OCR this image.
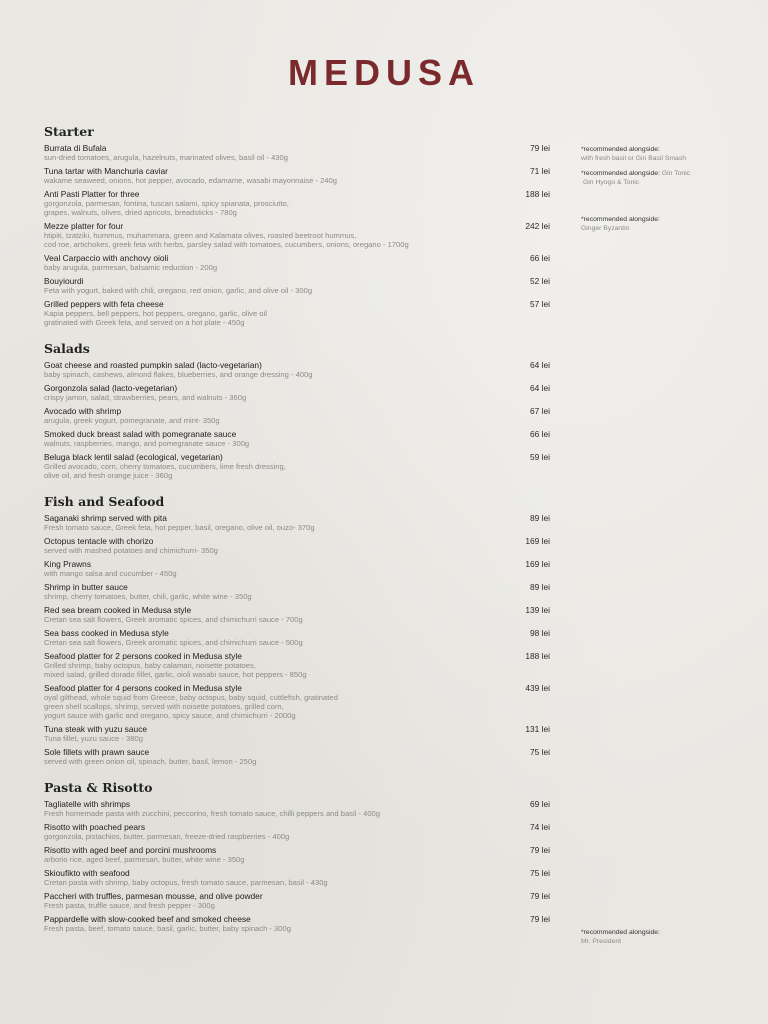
MEDUSA
Starter
Burrata di Bufala	79 lei
sun-dried tomatoes, arugula, hazelnuts, marinated olives, basil oil - 430g
Tuna tartar with Manchuria caviar	71 lei
wakame seaweed, onions, hot pepper, avocado, edamame, wasabi mayonnaise - 240g
Anti Pasti Platter for three	188 lei
gorgonzola, parmesan, fontina, tuscan salami, spicy spianata, prosciutto,
grapes, walnuts, olives, dried apricots, breadsticks - 780g
Mezze platter for four	242 lei
htipiti, tzatziki, hummus, muhammara, green and Kalamata olives, roasted beetroot hummus,
cod roe, artichokes, greek feta with herbs, parsley salad with tomatoes, cucumbers, onions, oregano - 1700g
Veal Carpaccio with anchovy oioli	66 lei
baby arugula, parmesan, balsamic reduction - 200g
Bouyiourdi	52 lei
Feta with yogurt, baked with chili, oregano, red onion, garlic, and olive oil - 300g
Grilled peppers with feta cheese	57 lei
Kapia peppers, bell peppers, hot peppers, oregano, garlic, olive oil
gratinated with Greek feta, and served on a hot plate - 450g
Salads
Goat cheese and roasted pumpkin salad (lacto-vegetarian)	64 lei
baby spinach, cashews, almond flakes, blueberries, and orange dressing - 400g
Gorgonzola salad (lacto-vegetarian)	64 lei
crispy jamon, salad, strawberries, pears, and walnuts - 360g
Avocado with shrimp	67 lei
arugula, greek yogurt, pomegranate, and mint- 350g
Smoked duck breast salad with pomegranate sauce	66 lei
walnuts, raspberries, mango, and pomegranate sauce - 300g
Beluga black lentil salad (ecological, vegetarian)	59 lei
Grilled avocado, corn, cherry tomatoes, cucumbers, lime fresh dressing,
olive oil, and fresh orange juice - 360g
Fish and Seafood
Saganaki shrimp served with pita	89 lei
Fresh tomato sauce, Greek feta, hot pepper, basil, oregano, olive oil, ouzo- 370g
Octopus tentacle with chorizo	169 lei
served with mashed potatoes and chimichurri- 350g
King Prawns	169 lei
with mango salsa and cucumber - 450g
Shrimp in butter sauce	89 lei
shrimp, cherry tomatoes, butter, chili, garlic, white wine - 350g
Red sea bream cooked in Medusa style	139 lei
Cretan sea salt flowers, Greek aromatic spices, and chimichurri sauce - 700g
Sea bass cooked in Medusa style	98 lei
Cretan sea salt flowers, Greek aromatic spices, and chimichurri sauce - 500g
Seafood platter for 2 persons cooked in Medusa style	188 lei
Grilled shrimp, baby octopus, baby calamari, noisette potatoes,
mixed salad, grilled dorado fillet, garlic, oioli wasabi sauce, hot peppers - 850g
Seafood platter for 4 persons cooked in Medusa style	439 lei
oyal gilthead, whole squid from Greece, baby octopus, baby squid, cuttlefish, gratinated
green shell scallops, shrimp, served with noisette potatoes, grilled corn,
yogurt sauce with garlic and oregano, spicy sauce, and chimichurri - 2000g
Tuna steak with yuzu sauce	131 lei
Tuna fillet, yuzu sauce - 380g
Sole fillets with prawn sauce	75 lei
served with green onion oil, spinach, butter, basil, lemon - 250g
Pasta & Risotto
Tagliatelle with shrimps	69 lei
Fresh homemade pasta with zucchini, peccorino, fresh tomato sauce, chilli peppers and basil - 400g
Risotto with poached pears	74 lei
gorgonzola, pistachios, butter, parmesan, freeze-dried raspberries - 400g
Risotto with aged beef and porcini mushrooms	79 lei
arborio rice, aged beef, parmesan, butter, white wine - 350g
Skioufikto with seafood	75 lei
Cretan pasta with shrimp, baby octopus, fresh tomato sauce, parmesan, basil - 430g
Paccheri with truffles, parmesan mousse, and olive powder	79 lei
Fresh pasta, truffle sauce, and fresh pepper - 300g
Pappardelle with slow-cooked beef and smoked cheese	79 lei
Fresh pasta, beef, tomato sauce, basil, garlic, butter, baby spinach - 300g
*recommended alongside:
with fresh basil or Gin Basil Smash
*recommended alongside: Gin Tonic
Gin Hyogo & Tonic
*recommended alongside:
Ginger Byzantin
*recommended alongside:
Mr. President
